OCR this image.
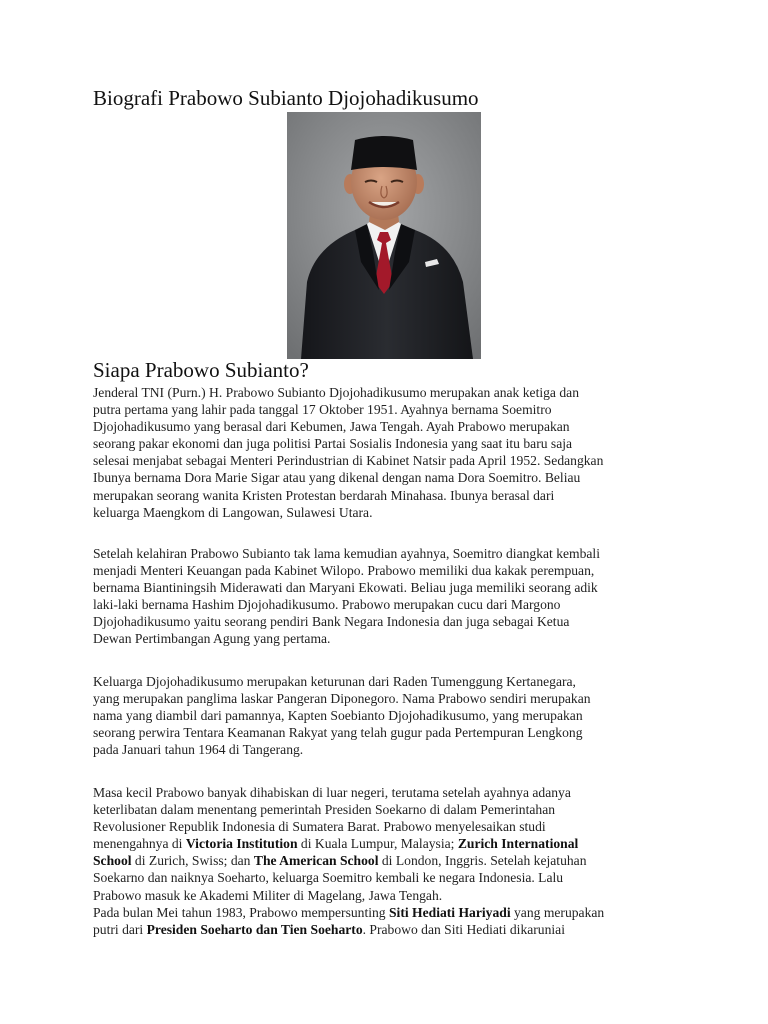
Biografi Prabowo Subianto Djojohadikusumo
Siapa Prabowo Subianto?

Jenderal TNI (Purn.) H. Prabowo Subianto Djojohadikusumo merupakan anak ketiga dan
putra pertama yang lahir pada tanggal 17 Oktober 1951. Ayahnya bernama Soemitro
Djojohadikusumo yang berasal dari Kebumen, Jawa Tengah. Ayah Prabowo merupakan
seorang pakar ekonomi dan juga politisi Partai Sosialis Indonesia yang saat itu baru saja
selesai menjabat sebagai Menteri Perindustrian di Kabinet Natsir pada April 1952. Sedangkan
Ibunya bernama Dora Marie Sigar atau yang dikenal dengan nama Dora Soemitro. Beliau
merupakan seorang wanita Kristen Protestan berdarah Minahasa. Ibunya berasal dari
keluarga Maengkom di Langowan, Sulawesi Utara.

Setelah kelahiran Prabowo Subianto tak lama kemudian ayahnya, Soemitro diangkat kembali
menjadi Menteri Keuangan pada Kabinet Wilopo. Prabowo memiliki dua kakak perempuan,
bernama Biantiningsih Miderawati dan Maryani Ekowati. Beliau juga memiliki seorang adik
laki-laki bernama Hashim Djojohadikusumo. Prabowo merupakan cucu dari Margono
Djojohadikusumo yaitu seorang pendiri Bank Negara Indonesia dan juga sebagai Ketua
Dewan Pertimbangan Agung yang pertama.

Keluarga Djojohadikusumo merupakan keturunan dari Raden Tumenggung Kertanegara,
yang merupakan panglima laskar Pangeran Diponegoro. Nama Prabowo sendiri merupakan
nama yang diambil dari pamannya, Kapten Soebianto Djojohadikusumo, yang merupakan
seorang perwira Tentara Keamanan Rakyat yang telah gugur pada Pertempuran Lengkong
pada Januari tahun 1964 di Tangerang.

Masa kecil Prabowo banyak dihabiskan di luar negeri, terutama setelah ayahnya adanya
keterlibatan dalam menentang pemerintah Presiden Soekarno di dalam Pemerintahan
Revolusioner Republik Indonesia di Sumatera Barat. Prabowo menyelesaikan studi
menengahnya di Victoria Institution di Kuala Lumpur, Malaysia; Zurich International
School di Zurich, Swiss; dan The American School di London, Inggris. Setelah kejatuhan
Soekarno dan naiknya Soeharto, keluarga Soemitro kembali ke negara Indonesia. Lalu
Prabowo masuk ke Akademi Militer di Magelang, Jawa Tengah.
Pada bulan Mei tahun 1983, Prabowo mempersunting Siti Hediati Hariyadi yang merupakan
putri dari Presiden Soeharto dan Tien Soeharto. Prabowo dan Siti Hediati dikaruniai
